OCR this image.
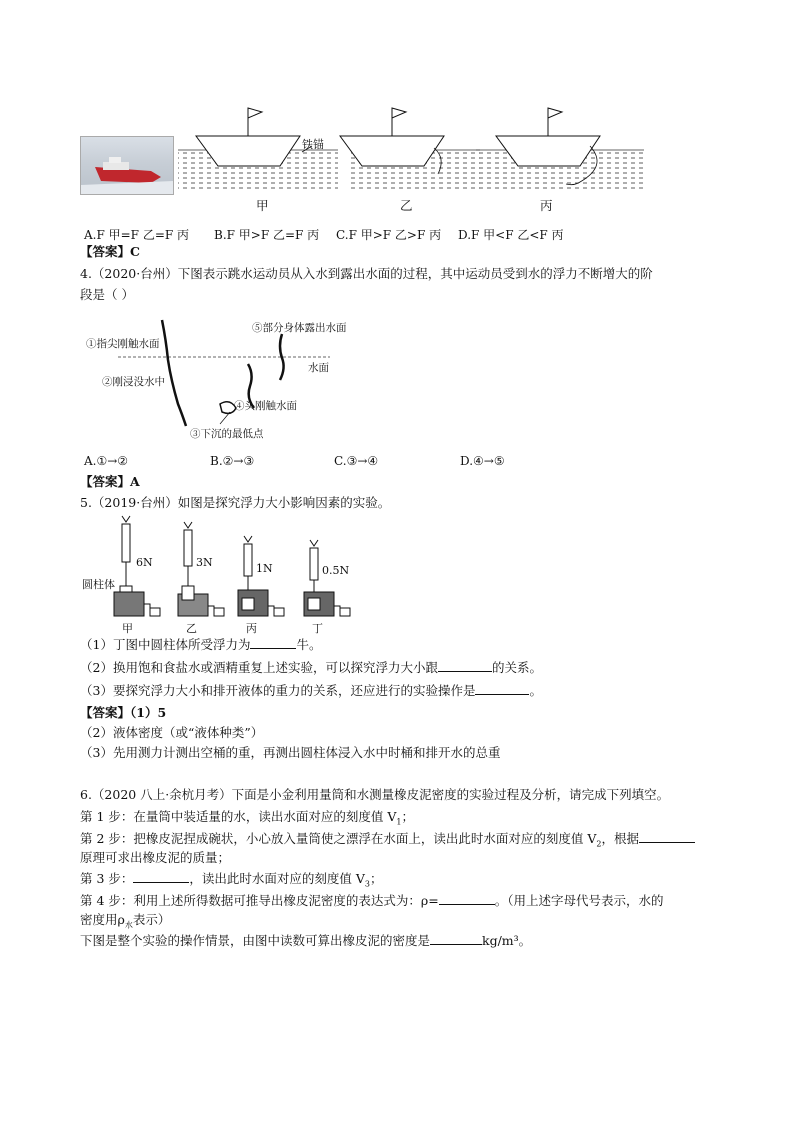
铁锚
甲	乙	丙
A.F 甲=F 乙=F 丙 B.F 甲>F 乙=F 丙 C.F 甲>F 乙>F 丙 D.F 甲<F 乙<F 丙
【答案】C
4.（2020·台州）下图表示跳水运动员从入水到露出水面的过程，其中运动员受到水的浮力不断增大的阶
段是（ ）
①指尖刚触水面
②刚浸没水中
③下沉的最低点
④头刚触水面
⑤部分身体露出水面
水面
A.①→②	B.②→③	C.③→④	D.④→⑤
【答案】A
5.（2019·台州）如图是探究浮力大小影响因素的实验。
6N	3N	1N	0.5N
圆柱体
甲	乙	丙	丁
（1）丁图中圆柱体所受浮力为	牛。
（2）换用饱和食盐水或酒精重复上述实验，可以探究浮力大小跟	的关系。
（3）要探究浮力大小和排开液体的重力的关系，还应进行的实验操作是	。
【答案】（1）5
（2）液体密度（或“液体种类”）
（3）先用测力计测出空桶的重，再测出圆柱体浸入水中时桶和排开水的总重
6.（2020 八上·余杭月考）下面是小金利用量筒和水测量橡皮泥密度的实验过程及分析，请完成下列填空。
第 1 步：在量筒中装适量的水，读出水面对应的刻度值 $V_1$；
第 2 步：把橡皮泥捏成碗状，小心放入量筒使之漂浮在水面上，读出此时水面对应的刻度值 $V_2$，根据
原理可求出橡皮泥的质量；
第 3 步：	，读出此时水面对应的刻度值 $V_3$；
第 4 步：利用上述所得数据可推导出橡皮泥密度的表达式为：ρ=	。（用上述字母代号表示，水的
密度用$\rho_水$表示）
下图是整个实验的操作情景，由图中读数可算出橡皮泥的密度是	kg/m³。
